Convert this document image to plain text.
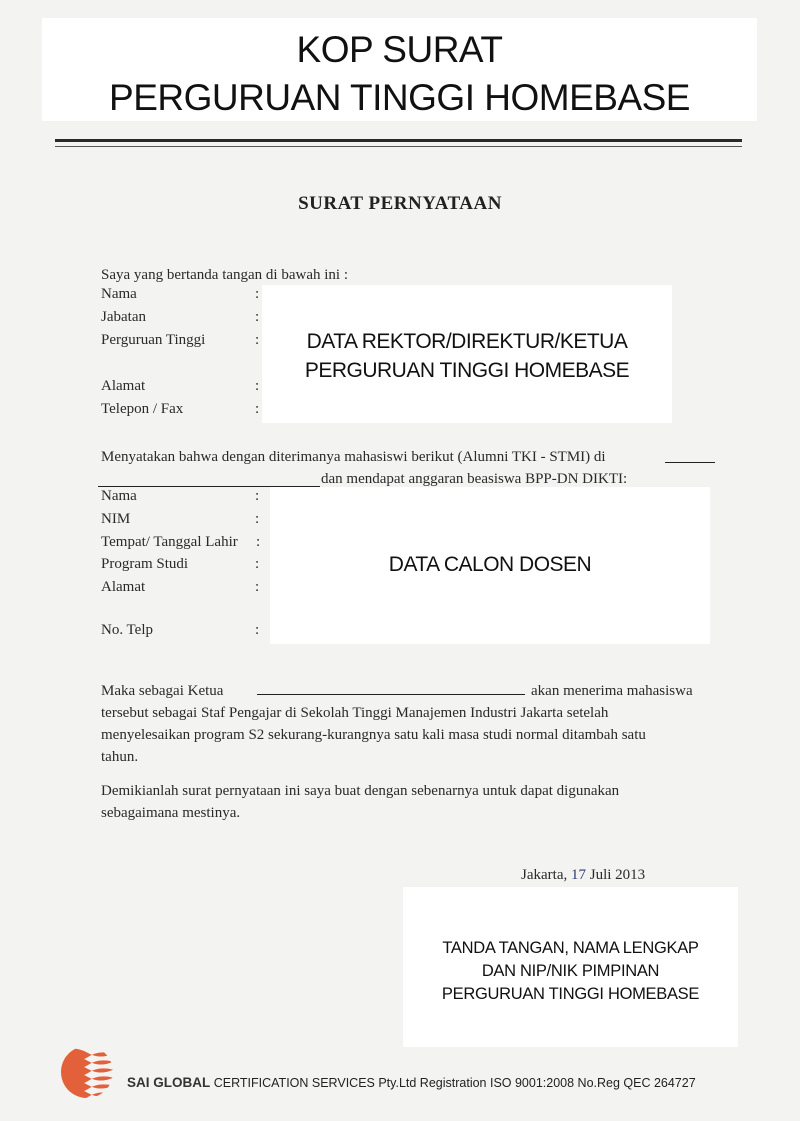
KOP SURAT
PERGURUAN TINGGI HOMEBASE
SURAT PERNYATAAN
Saya yang bertanda tangan di bawah ini :
Nama	:
Jabatan	:
Perguruan Tinggi	:
Alamat	:
Telepon / Fax	:
DATA REKTOR/DIREKTUR/KETUA
PERGURUAN TINGGI HOMEBASE
Menyatakan bahwa dengan diterimanya mahasiswi berikut (Alumni TKI - STMI) di
dan mendapat anggaran beasiswa BPP-DN DIKTI:
Nama	:
NIM	:
Tempat/ Tanggal Lahir :
Program Studi	:
Alamat	:
No. Telp	:
DATA CALON DOSEN
Maka sebagai Ketua	akan menerima mahasiswa
tersebut sebagai Staf Pengajar di Sekolah Tinggi Manajemen Industri Jakarta setelah
menyelesaikan program S2 sekurang-kurangnya satu kali masa studi normal ditambah satu
tahun.
Demikianlah surat pernyataan ini saya buat dengan sebenarnya untuk dapat digunakan
sebagaimana mestinya.
Jakarta, 17 Juli 2013
TANDA TANGAN, NAMA LENGKAP
DAN NIP/NIK PIMPINAN
PERGURUAN TINGGI HOMEBASE
SAI GLOBAL CERTIFICATION SERVICES Pty.Ltd Registration ISO 9001:2008 No.Reg QEC 264727
